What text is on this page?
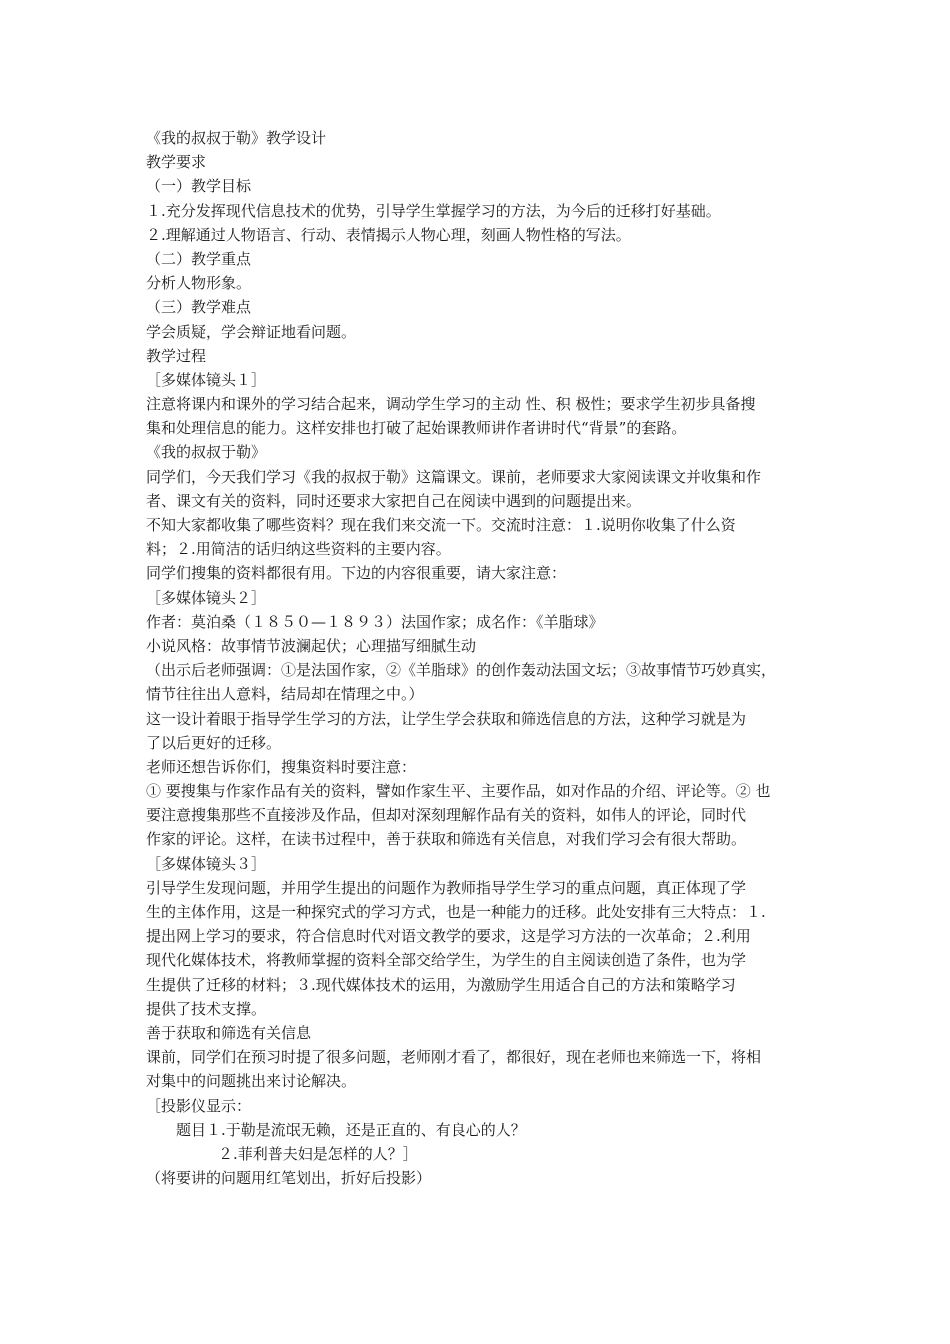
《我的叔叔于勒》教学设计
教学要求
（一）教学目标
１.充分发挥现代信息技术的优势，引导学生掌握学习的方法，为今后的迁移打好基础。
２.理解通过人物语言、行动、表情揭示人物心理，刻画人物性格的写法。
（二）教学重点
分析人物形象。
（三）教学难点
学会质疑，学会辩证地看问题。
教学过程
［多媒体镜头１］
注意将课内和课外的学习结合起来，调动学生学习的主动 性、积 极性；要求学生初步具备搜
集和处理信息的能力。这样安排也打破了起始课教师讲作者讲时代“背景”的套路。
《我的叔叔于勒》
同学们，今天我们学习《我的叔叔于勒》这篇课文。课前，老师要求大家阅读课文并收集和作
者、课文有关的资料，同时还要求大家把自己在阅读中遇到的问题提出来。
不知大家都收集了哪些资料？现在我们来交流一下。交流时注意：１.说明你收集了什么资
料；２.用简洁的话归纳这些资料的主要内容。
同学们搜集的资料都很有用。下边的内容很重要，请大家注意：
［多媒体镜头２］
作者：莫泊桑（１８５０—１８９３）法国作家；成名作：《羊脂球》
小说风格：故事情节波澜起伏；心理描写细腻生动
（出示后老师强调：①是法国作家，②《羊脂球》的创作轰动法国文坛；③故事情节巧妙真实，
情节往往出人意料，结局却在情理之中。）
这一设计着眼于指导学生学习的方法，让学生学会获取和筛选信息的方法，这种学习就是为
了以后更好的迁移。
老师还想告诉你们，搜集资料时要注意：
① 要搜集与作家作品有关的资料，譬如作家生平、主要作品，如对作品的介绍、评论等。② 也
要注意搜集那些不直接涉及作品，但却对深刻理解作品有关的资料，如伟人的评论，同时代
作家的评论。这样，在读书过程中，善于获取和筛选有关信息，对我们学习会有很大帮助。
［多媒体镜头３］
引导学生发现问题，并用学生提出的问题作为教师指导学生学习的重点问题，真正体现了学
生的主体作用，这是一种探究式的学习方式，也是一种能力的迁移。此处安排有三大特点：１.
提出网上学习的要求，符合信息时代对语文教学的要求，这是学习方法的一次革命；２.利用
现代化媒体技术，将教师掌握的资料全部交给学生，为学生的自主阅读创造了条件，也为学
生提供了迁移的材料；３.现代媒体技术的运用，为激励学生用适合自己的方法和策略学习
提供了技术支撑。
善于获取和筛选有关信息
课前，同学们在预习时提了很多问题，老师刚才看了，都很好，现在老师也来筛选一下，将相
对集中的问题挑出来讨论解决。
［投影仪显示：
题目１.于勒是流氓无赖，还是正直的、有良心的人？
２.菲利普夫妇是怎样的人？］
（将要讲的问题用红笔划出，折好后投影）
